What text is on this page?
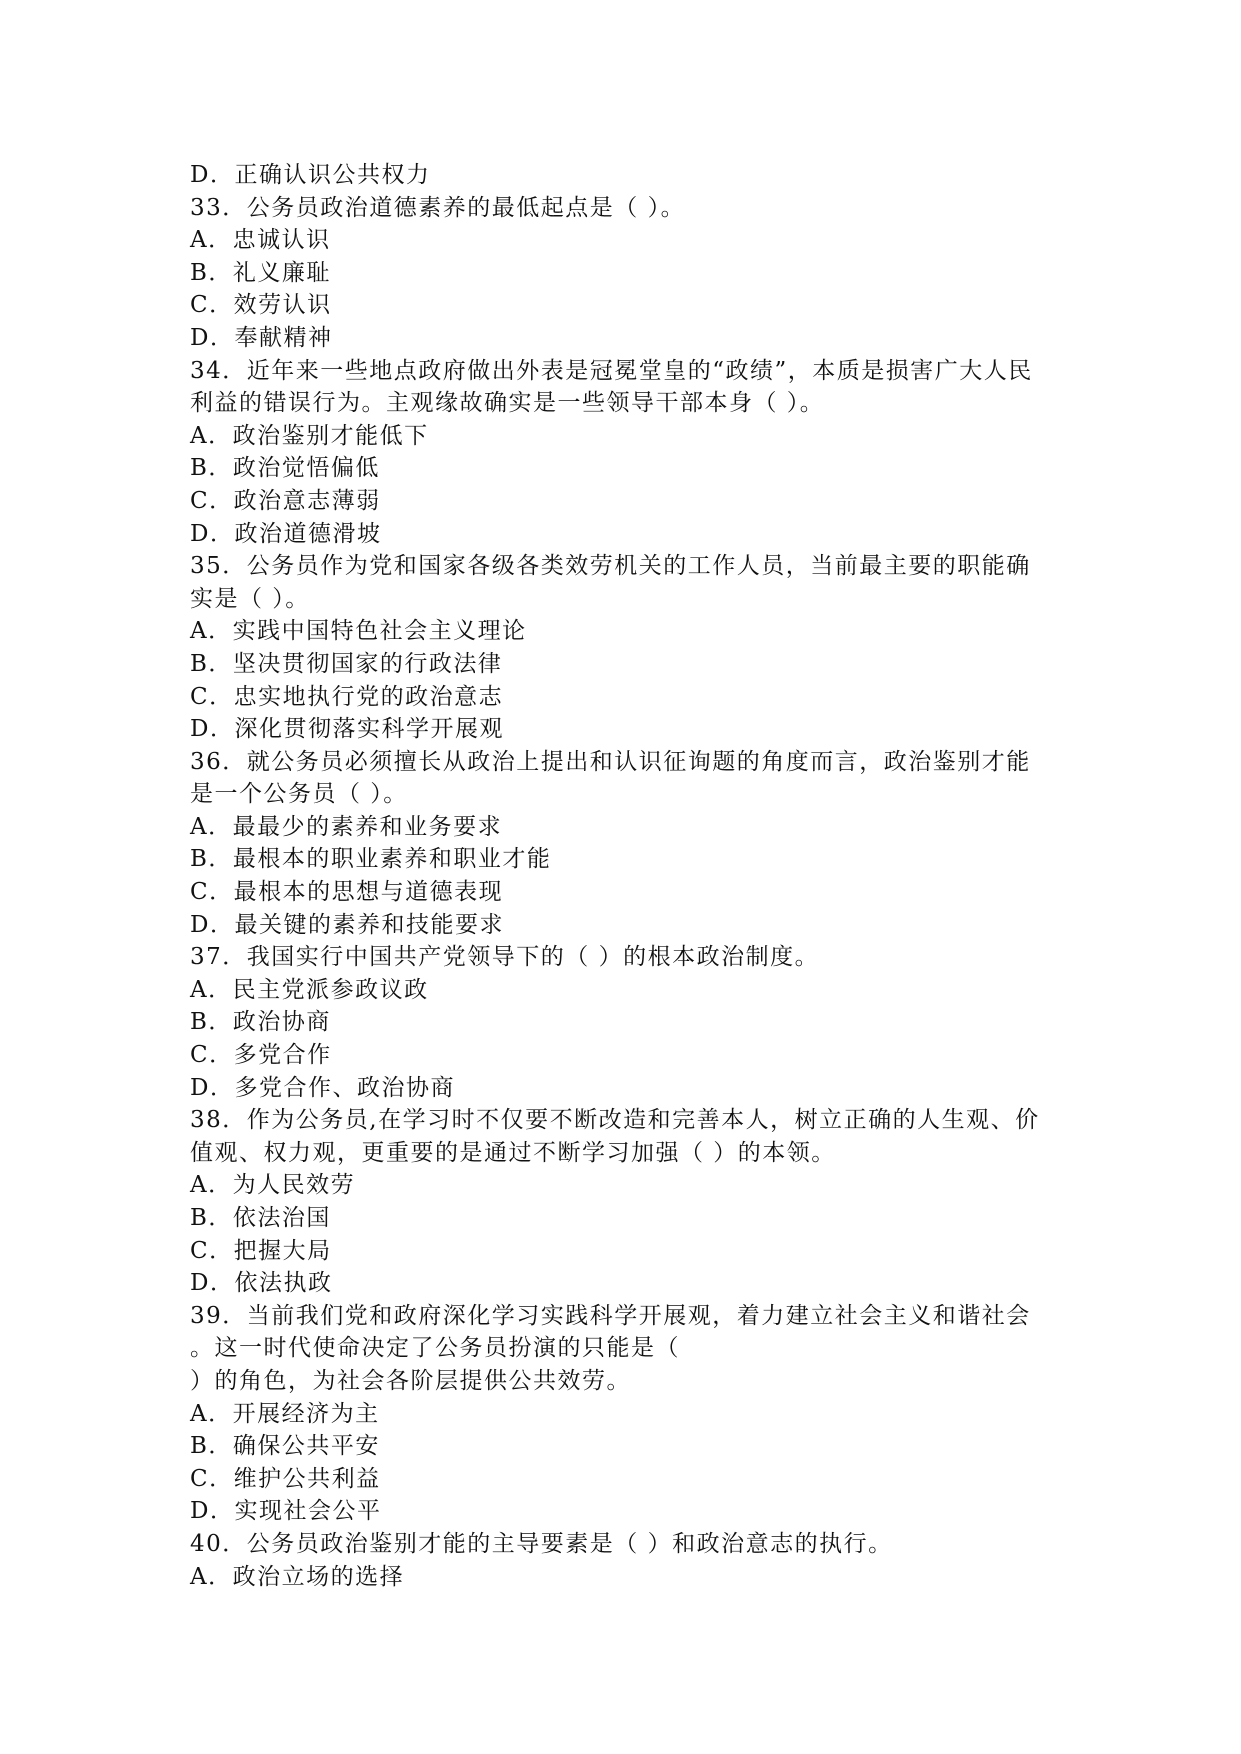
D．正确认识公共权力
33．公务员政治道德素养的最低起点是（ ）。
A．忠诚认识
B．礼义廉耻
C．效劳认识
D．奉献精神
34．近年来一些地点政府做出外表是冠冕堂皇的“政绩”，本质是损害广大人民
利益的错误行为。主观缘故确实是一些领导干部本身（ ）。
A．政治鉴别才能低下
B．政治觉悟偏低
C．政治意志薄弱
D．政治道德滑坡
35．公务员作为党和国家各级各类效劳机关的工作人员，当前最主要的职能确
实是（ ）。
A．实践中国特色社会主义理论
B．坚决贯彻国家的行政法律
C．忠实地执行党的政治意志
D．深化贯彻落实科学开展观
36．就公务员必须擅长从政治上提出和认识征询题的角度而言，政治鉴别才能
是一个公务员（ ）。
A．最最少的素养和业务要求
B．最根本的职业素养和职业才能
C．最根本的思想与道德表现
D．最关键的素养和技能要求
37．我国实行中国共产党领导下的（ ）的根本政治制度。
A．民主党派参政议政
B．政治协商
C．多党合作
D．多党合作、政治协商
38．作为公务员,在学习时不仅要不断改造和完善本人，树立正确的人生观、价
值观、权力观，更重要的是通过不断学习加强（ ）的本领。
A．为人民效劳
B．依法治国
C．把握大局
D．依法执政
39．当前我们党和政府深化学习实践科学开展观，着力建立社会主义和谐社会
。这一时代使命决定了公务员扮演的只能是（
）的角色，为社会各阶层提供公共效劳。
A．开展经济为主
B．确保公共平安
C．维护公共利益
D．实现社会公平
40．公务员政治鉴别才能的主导要素是（ ）和政治意志的执行。
A．政治立场的选择
